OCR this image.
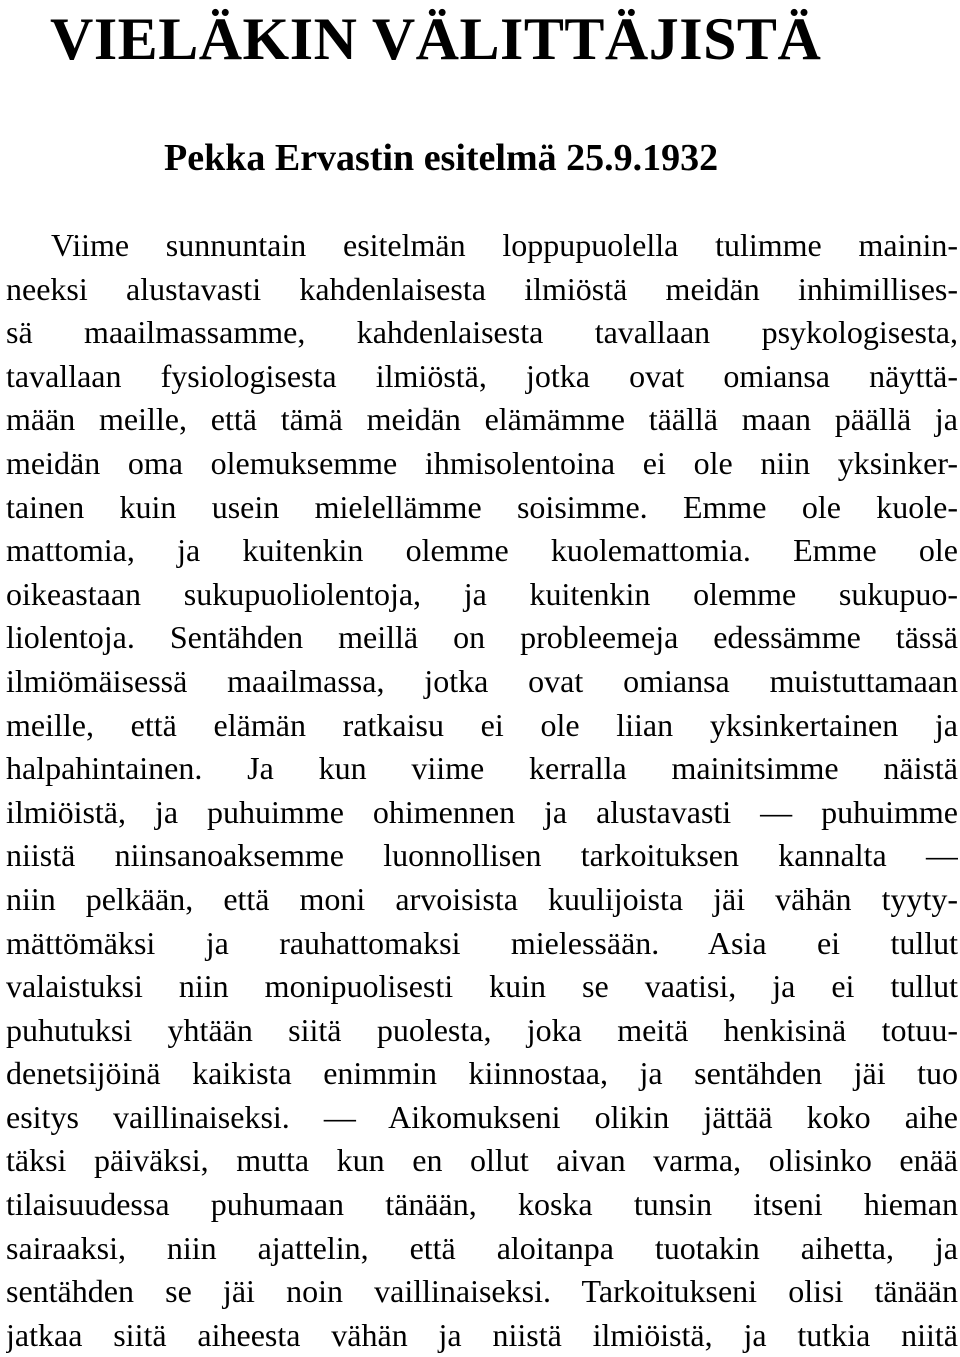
VIELÄKIN VÄLITTÄJISTÄ
Pekka Ervastin esitelmä 25.9.1932
Viime sunnuntain esitelmän loppupuolella tulimme mainin-
neeksi alustavasti kahdenlaisesta ilmiöstä meidän inhimillises-
sä maailmassamme, kahdenlaisesta tavallaan psykologisesta,
tavallaan fysiologisesta ilmiöstä, jotka ovat omiansa näyttä-
mään meille, että tämä meidän elämämme täällä maan päällä ja
meidän oma olemuksemme ihmisolentoina ei ole niin yksinker-
tainen kuin usein mielellämme soisimme. Emme ole kuole-
mattomia, ja kuitenkin olemme kuolemattomia. Emme ole
oikeastaan sukupuoliolentoja, ja kuitenkin olemme sukupuo-
liolentoja. Sentähden meillä on probleemeja edessämme tässä
ilmiömäisessä maailmassa, jotka ovat omiansa muistuttamaan
meille, että elämän ratkaisu ei ole liian yksinkertainen ja
halpahintainen. Ja kun viime kerralla mainitsimme näistä
ilmiöistä, ja puhuimme ohimennen ja alustavasti — puhuimme
niistä niinsanoaksemme luonnollisen tarkoituksen kannalta —
niin pelkään, että moni arvoisista kuulijoista jäi vähän tyyty-
mättömäksi ja rauhattomaksi mielessään. Asia ei tullut
valaistuksi niin monipuolisesti kuin se vaatisi, ja ei tullut
puhutuksi yhtään siitä puolesta, joka meitä henkisinä totuu-
denetsijöinä kaikista enimmin kiinnostaa, ja sentähden jäi tuo
esitys vaillinaiseksi. — Aikomukseni olikin jättää koko aihe
täksi päiväksi, mutta kun en ollut aivan varma, olisinko enää
tilaisuudessa puhumaan tänään, koska tunsin itseni hieman
sairaaksi, niin ajattelin, että aloitanpa tuotakin aihetta, ja
sentähden se jäi noin vaillinaiseksi. Tarkoitukseni olisi tänään
jatkaa siitä aiheesta vähän ja niistä ilmiöistä, ja tutkia niitä
